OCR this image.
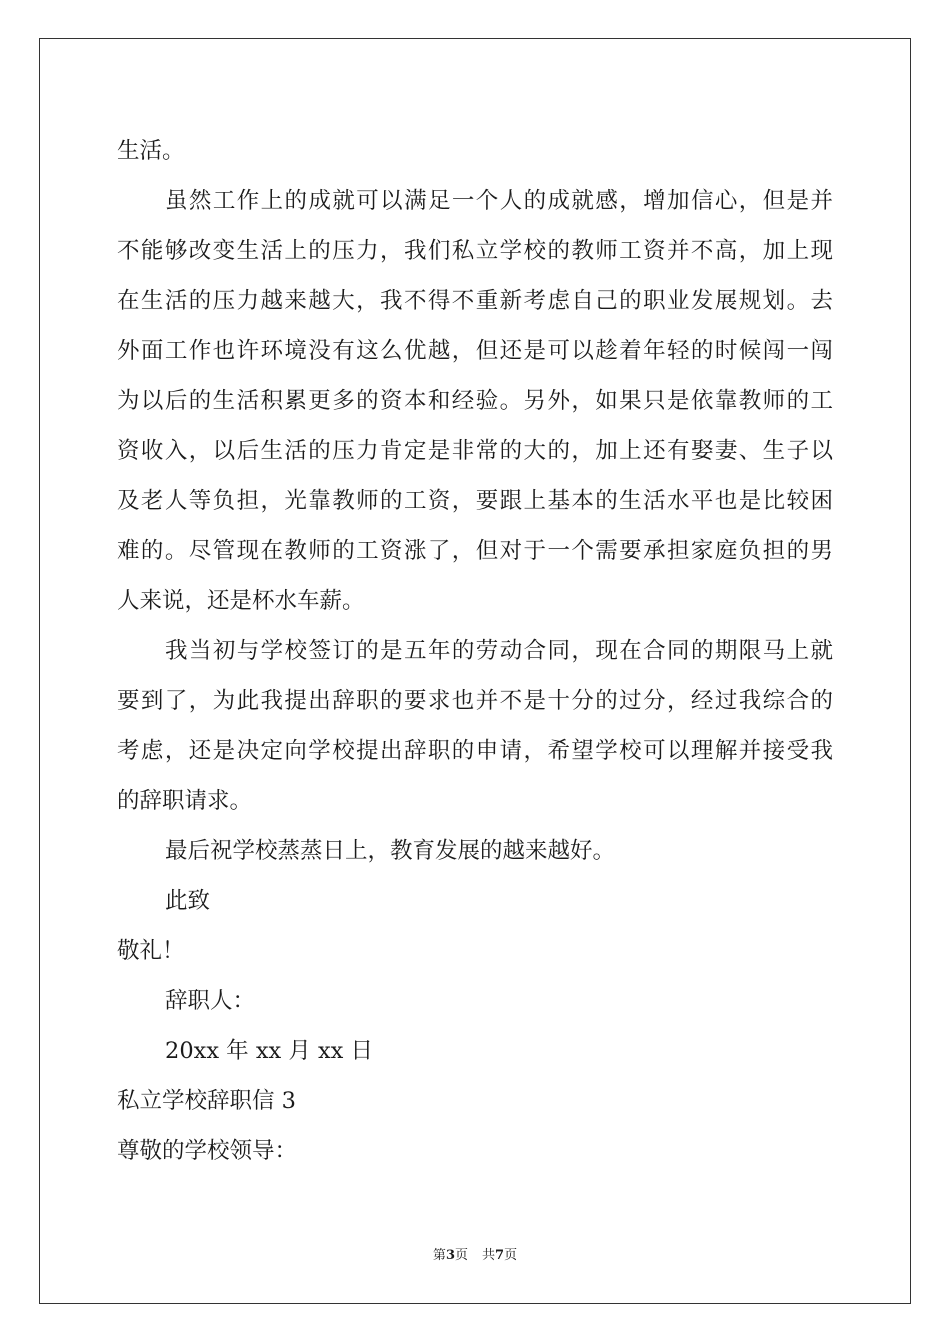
生活。
虽然工作上的成就可以满足一个人的成就感，增加信心，但是并
不能够改变生活上的压力，我们私立学校的教师工资并不高，加上现
在生活的压力越来越大，我不得不重新考虑自己的职业发展规划。去
外面工作也许环境没有这么优越，但还是可以趁着年轻的时候闯一闯
为以后的生活积累更多的资本和经验。另外，如果只是依靠教师的工
资收入，以后生活的压力肯定是非常的大的，加上还有娶妻、生子以
及老人等负担，光靠教师的工资，要跟上基本的生活水平也是比较困
难的。尽管现在教师的工资涨了，但对于一个需要承担家庭负担的男
人来说，还是杯水车薪。
我当初与学校签订的是五年的劳动合同，现在合同的期限马上就
要到了，为此我提出辞职的要求也并不是十分的过分，经过我综合的
考虑，还是决定向学校提出辞职的申请，希望学校可以理解并接受我
的辞职请求。
最后祝学校蒸蒸日上，教育发展的越来越好。
此致
敬礼！
辞职人：
20xx 年 xx 月 xx 日
私立学校辞职信 3
尊敬的学校领导：
第3页 共7页
